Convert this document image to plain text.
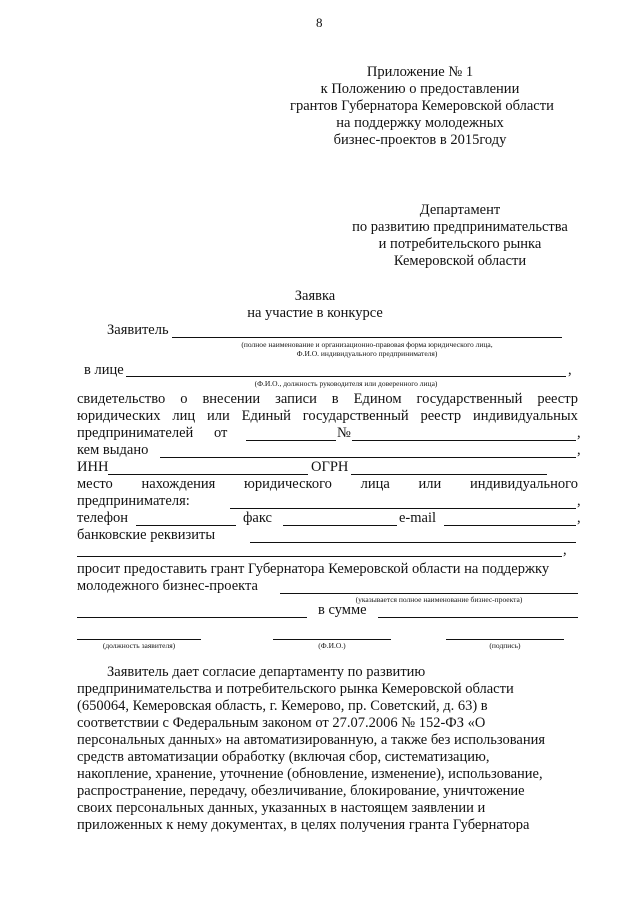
8
Приложение № 1
к Положению о предоставлении
грантов Губернатора Кемеровской области
на поддержку молодежных
бизнес-проектов в 2015году
Департамент
по развитию предпринимательства
и потребительского рынка
Кемеровской области
Заявка
на участие в конкурсе
Заявитель
(полное наименование и организационно-правовая форма юридического лица,
Ф.И.О. индивидуального предпринимателя)
в лице	,
(Ф.И.О., должность руководителя или доверенного лица)
свидетельство о внесении записи в Едином государственный реестр
юридических лиц или Единый государственный реестр индивидуальных
предпринимателей от	№	,
кем выдано	,
ИНН	ОГРН
место нахождения юридического лица или индивидуального
предпринимателя:	,
телефон	факс	e-mail	,
банковские реквизиты
,
просит предоставить грант Губернатора Кемеровской области на поддержку
молодежного бизнес-проекта
(указывается полное наименование бизнес-проекта)
в сумме
(должность заявителя)	(Ф.И.О.)	(подпись)
Заявитель дает согласие департаменту по развитию
предпринимательства и потребительского рынка Кемеровской области
(650064, Кемеровская область, г. Кемерово, пр. Советский, д. 63) в
соответствии с Федеральным законом от 27.07.2006 № 152-ФЗ «О
персональных данных» на автоматизированную, а также без использования
средств автоматизации обработку (включая сбор, систематизацию,
накопление, хранение, уточнение (обновление, изменение), использование,
распространение, передачу, обезличивание, блокирование, уничтожение
своих персональных данных, указанных в настоящем заявлении и
приложенных к нему документах, в целях получения гранта Губернатора
